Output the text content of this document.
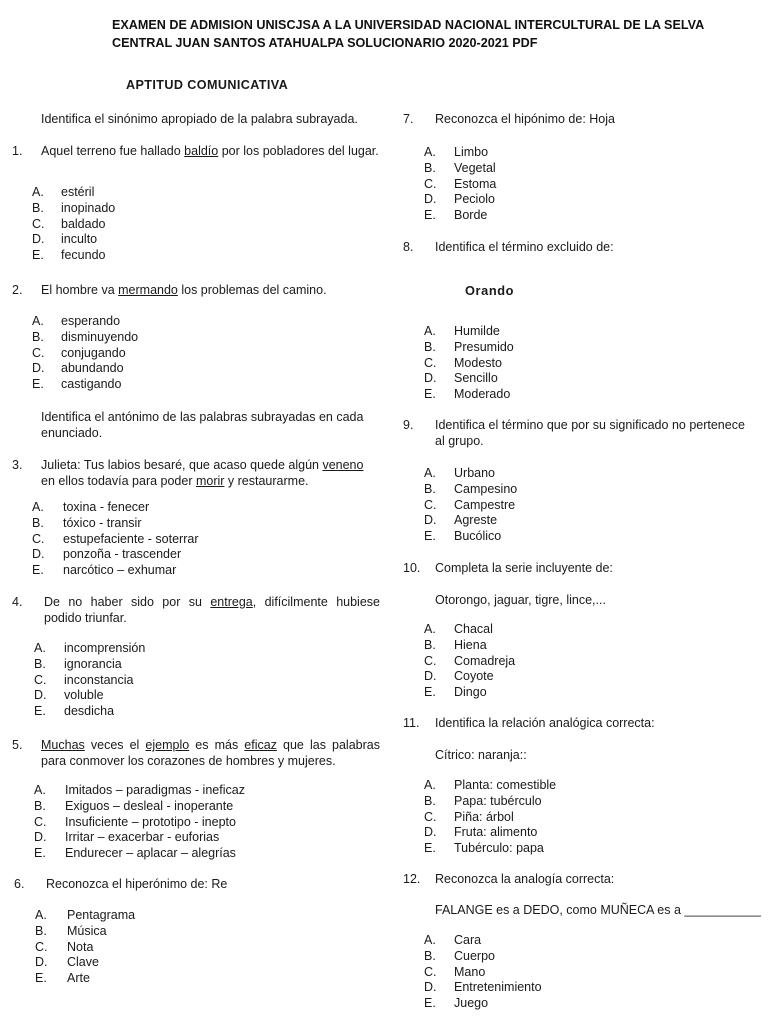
EXAMEN DE ADMISION UNISCJSA A LA UNIVERSIDAD NACIONAL INTERCULTURAL DE LA SELVA
CENTRAL JUAN SANTOS ATAHUALPA SOLUCIONARIO 2020-2021 PDF
APTITUD COMUNICATIVA
Identifica el sinónimo apropiado de la palabra subrayada.
1. Aquel terreno fue hallado baldío por los pobladores del lugar.
A. estéril
B. inopinado
C. baldado
D. inculto
E. fecundo
2. El hombre va mermando los problemas del camino.
A. esperando
B. disminuyendo
C. conjugando
D. abundando
E. castigando
Identifica el antónimo de las palabras subrayadas en cada enunciado.
3. Julieta: Tus labios besaré, que acaso quede algún veneno en ellos todavía para poder morir y restaurarme.
A. toxina - fenecer
B. tóxico - transir
C. estupefaciente - soterrar
D. ponzoña - trascender
E. narcótico – exhumar
4. De no haber sido por su entrega, difícilmente hubiese podido triunfar.
A. incomprensión
B. ignorancia
C. inconstancia
D. voluble
E. desdicha
5. Muchas veces el ejemplo es más eficaz que las palabras para conmover los corazones de hombres y mujeres.
A. Imitados – paradigmas - ineficaz
B. Exiguos – desleal - inoperante
C. Insuficiente – prototipo - inepto
D. Irritar – exacerbar - euforias
E. Endurecer – aplacar – alegrías
6. Reconozca el hiperónimo de: Re
A. Pentagrama
B. Música
C. Nota
D. Clave
E. Arte
7. Reconozca el hipónimo de: Hoja
A. Limbo
B. Vegetal
C. Estoma
D. Peciolo
E. Borde
8. Identifica el término excluido de:
Orando
A. Humilde
B. Presumido
C. Modesto
D. Sencillo
E. Moderado
9. Identifica el término que por su significado no pertenece al grupo.
A. Urbano
B. Campesino
C. Campestre
D. Agreste
E. Bucólico
10. Completa la serie incluyente de:
Otorongo, jaguar, tigre, lince,...
A. Chacal
B. Hiena
C. Comadreja
D. Coyote
E. Dingo
11. Identifica la relación analógica correcta:
Cítrico: naranja::
A. Planta: comestible
B. Papa: tubérculo
C. Piña: árbol
D. Fruta: alimento
E. Tubérculo: papa
12. Reconozca la analogía correcta:
FALANGE es a DEDO, como MUÑECA es a ___________
A. Cara
B. Cuerpo
C. Mano
D. Entretenimiento
E. Juego
